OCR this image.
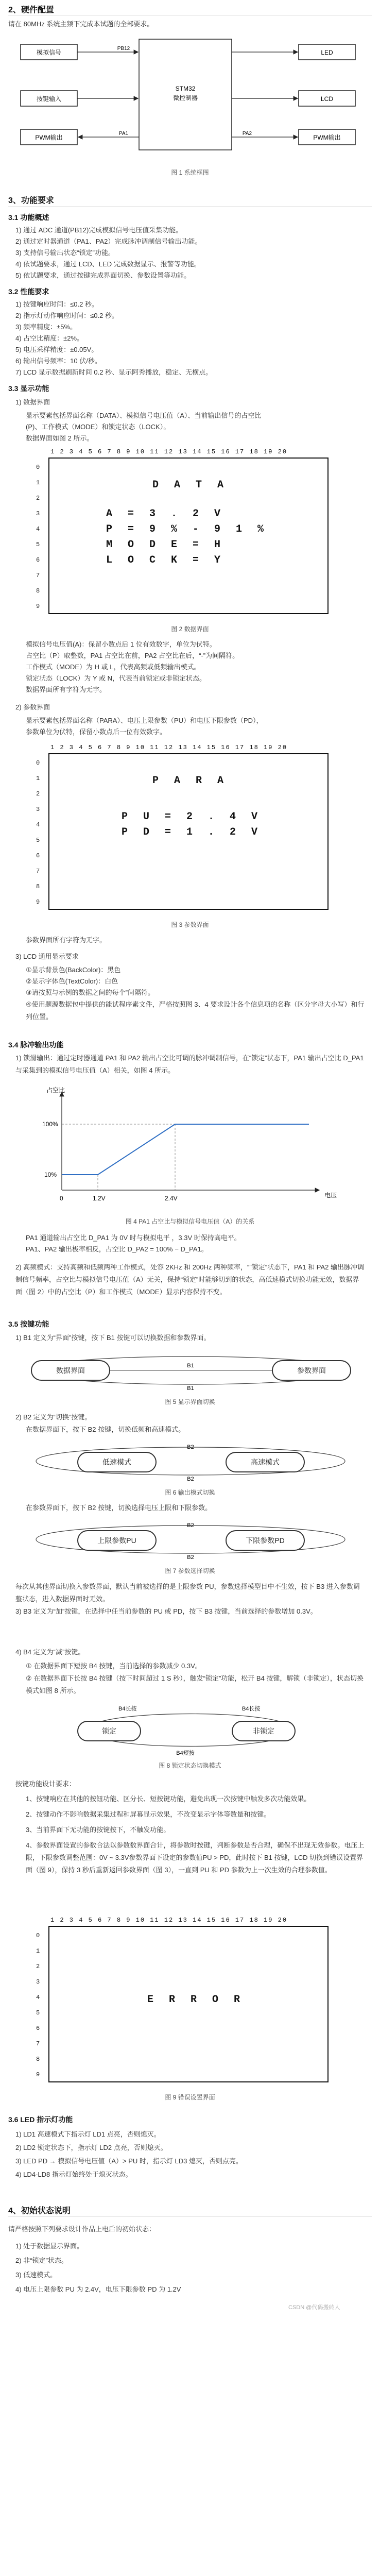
2、硬件配置
请在 80MHz 系统主频下完成本试题的全部要求。
模拟信号
按键输入
PWM输出
STM32
微控制器
LED
LCD
PWM输出
PB12
PA1	PA2
图 1 系统框图
3、功能要求
3.1 功能概述
1) 通过 ADC 通道(PB12)完成模拟信号电压值采集功能。
2) 通过定时器通道（PA1、PA2）完成脉冲调制信号输出功能。
3) 支持信号输出状态“锁定”功能。
4) 依试题要求，通过 LCD、LED 完成数据显示、报警等功能。
5) 依试题要求，通过按键完成界面切换、参数设置等功能。
3.2 性能要求
1) 按键响应时间：≤0.2 秒。
2) 指示灯动作响应时间：≤0.2 秒。
3) 频率精度：±5%。
4) 占空比精度：±2%。
5) 电压采样精度：±0.05V。
6) 输出信号频率：10 伏/秒。
7) LCD 显示数据刷新时间 0.2 秒、显示阿秀播放，稳定、无横点。
3.3 显示功能
1) 数据界面
显示要素包括界面名称（DATA）、模拟信号电压值（A）、当前输出信号的占空比
(P)、工作模式（MODE）和锁定状态（LOCK）。
数据界面如图 2 所示。
1 2 3 4 5 6 7 8 9 10 11 12 13 14 15 16 17 18 19 20
0
1
2
3
4
5
6
7
8
9
D A T A
A = 3 . 2 V
P = 9 % - 9 1 %
M O D E = H
L O C K = Y
图 2 数据界面
模拟信号电压值(A)：保留小数点后 1 位有效数字，单位为伏特。
占空比（P）取整数，PA1 占空比在前，PA2 占空比在后，“-”为间隔符。
工作模式（MODE）为 H 或 L，代表高频或低频输出模式。
锁定状态（LOCK）为 Y 或 N，代表当前锁定或非锁定状态。
数据界面所有字符为无字。
2) 参数界面
显示要素包括界面名称（PARA）、电压上限参数（PU）和电压下限参数（PD），
参数单位为伏特，保留小数点后一位有效数字。
1 2 3 4 5 6 7 8 9 10 11 12 13 14 15 16 17 18 19 20
0
1
2
3
4
5
6
7
8
9
P A R A
P U = 2 . 4 V
P D = 1 . 2 V
图 3 参数界面
参数界面所有字符为无字。
3) LCD 通用显示要求
①显示背景色(BackColor)：黑色
②显示字体色(TextColor)：白色
③请按照与示例的数据之间的每个”间隔符。
④使用题源数据包中提供的能试程序素文件，严格按照图 3、4 要求设计各个信息项的名称（区分字母大小写）和行列位置。
3.4 脉冲输出功能
1) 锁滑输出：通过定时器通道 PA1 和 PA2 输出占空比可调的脉冲调制信号，在“锁定”状态下，PA1 输出占空比 D_PA1 与采集到的模拟信号电压值（A）相关，如图 4 所示。
占空比
电压
100%
10%
0	1.2V	2.4V
图 4 PA1 占空比与模拟信号电压值（A）的关系
PA1 通道输出占空比 D_PA1 为 0V 时与模拟电平 ，3.3V 时保持高电平。
PA1、PA2 输出极率相反，占空比 D_PA2 = 100% − D_PA1。
2) 高频模式：支持高频和低频两种工作模式，处容 2KHz 和 200Hz 两种频率，“”锁定”状态下，PA1 和 PA2 输出脉冲调制信号频率，占空比与模拟信号电压值（A）无关，保持“锁定”时能够切到的状态，高低速模式切换功能无效，数据界面（图 2）中的占空比（P）和工作模式（MODE）显示内容保持不变。
3.5 按键功能
1) B1 定义为“界面”按键，按下 B1 按键可以切换数据和参数界面。
B1
B1
数据界面	参数界面
图 5 显示界面切换
2) B2 定义为“切换”按键。
在数据界面下，按下 B2 按键，切换低频和高速模式。
B2
B2
低速模式	高速模式
图 6 输出模式切换
在参数界面下，按下 B2 按键，切换选择电压上限和下限参数。
B2
B2
上限参数PU	下限参数PD
图 7 参数选择切换
每次从其他界面切换入参数界面，默认当前被选择的是上限参数 PU，参数选择模型目中不生效，按下 B3 进入参数调整状态，进入数据界面时无效。
3) B3 定义为“加”按键，在选择中任当前参数的 PU 或 PD，按下 B3 按键，当前选择的参数增加 0.3V。
4) B4 定义为“减”按键。
① 在数据界面下短按 B4 按键，当前选择的参数减少 0.3V。
② 在数据界面下长按 B4 按键（按下时间超过 1 S 秒），触发“锁定”功能，松开 B4 按键，解锁（非锁定），状态切换模式如图 8 所示。
B4长按	B4长按
B4短按
锁定	非锁定
图 8 锁定状态切换模式
按键功能设计要求：
1、按键响应在其他的按钮功能、区分长、短按键功能，避免出现一次按键中触发多次功能效果。
2、按键动作不影响数据采集过程和屏幕显示效果，不改变显示字体等数量和按键。
3、当前界面下无功能的按键按下，不触发功能。
4、参数界面设置的参数合法以参数数界面合计，将参数时按键，判断参数是否合理，确保不出现无效参数。电压上限，下限参数调整范围：0V ~ 3.3V参数界面下设定的参数值PU > PD，此时按下 B1 按键，LCD 切换到错误设置界面（图 9），保持 3 秒后重新返回参数界面（图 3），一直到 PU 和 PD 参数为上一次生效的合理参数值。
1 2 3 4 5 6 7 8 9 10 11 12 13 14 15 16 17 18 19 20
0
1
2
3
4
5
6
7
8
9
E R R O R
图 9 错误设置界面
3.6 LED 指示灯功能
1) LD1 高速模式下指示灯 LD1 点亮，否则熄灭。
2) LD2 锁定状态下，指示灯 LD2 点亮，否则熄灭。
3) LED PD → 模拟信号电压值（A）> PU 时，指示灯 LD3 熄灭，否则点亮。
4) LD4-LD8 指示灯始终处于熄灭状态。
4、初始状态说明
请严格按照下列要求设计作品上电后的初始状态：
1) 处于数据显示界面。
2) 非“锁定”状态。
3) 低速模式。
4) 电压上限参数 PU 为 2.4V，电压下限参数 PD 为 1.2V
CSDN @代码搬砖人
